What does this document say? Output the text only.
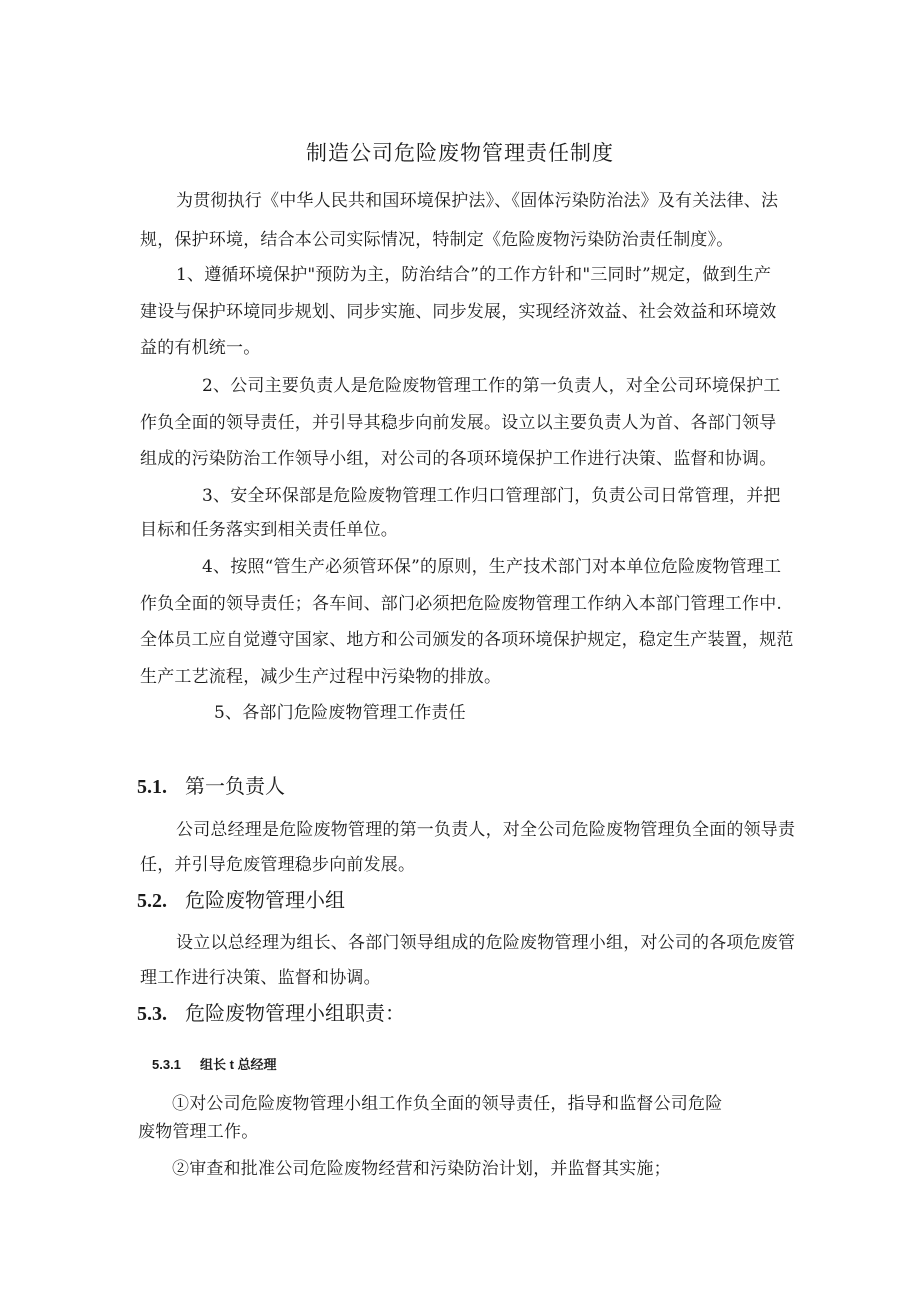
制造公司危险废物管理责任制度
为贯彻执行《中华人民共和国环境保护法》、《固体污染防治法》及有关法律、法
规，保护环境，结合本公司实际情况，特制定《危险废物污染防治责任制度》。
1、遵循环境保护"预防为主，防治结合”的工作方针和"三同时”规定，做到生产
建设与保护环境同步规划、同步实施、同步发展，实现经济效益、社会效益和环境效
益的有机统一。
2、公司主要负责人是危险废物管理工作的第一负责人，对全公司环境保护工
作负全面的领导责任，并引导其稳步向前发展。设立以主要负责人为首、各部门领导
组成的污染防治工作领导小组，对公司的各项环境保护工作进行决策、监督和协调。
3、安全环保部是危险废物管理工作归口管理部门，负责公司日常管理，并把
目标和任务落实到相关责任单位。
4、按照“管生产必须管环保”的原则，生产技术部门对本单位危险废物管理工
作负全面的领导责任；各车间、部门必须把危险废物管理工作纳入本部门管理工作中.
全体员工应自觉遵守国家、地方和公司颁发的各项环境保护规定，稳定生产装置，规范
生产工艺流程，减少生产过程中污染物的排放。
5、各部门危险废物管理工作责任
5.1. 第一负责人
公司总经理是危险废物管理的第一负责人，对全公司危险废物管理负全面的领导责
任，并引导危废管理稳步向前发展。
5.2. 危险废物管理小组
设立以总经理为组长、各部门领导组成的危险废物管理小组，对公司的各项危废管
理工作进行决策、监督和协调。
5.3. 危险废物管理小组职责：
5.3.1 组长 t 总经理
①对公司危险废物管理小组工作负全面的领导责任，指导和监督公司危险
废物管理工作。
②审查和批准公司危险废物经营和污染防治计划，并监督其实施；
